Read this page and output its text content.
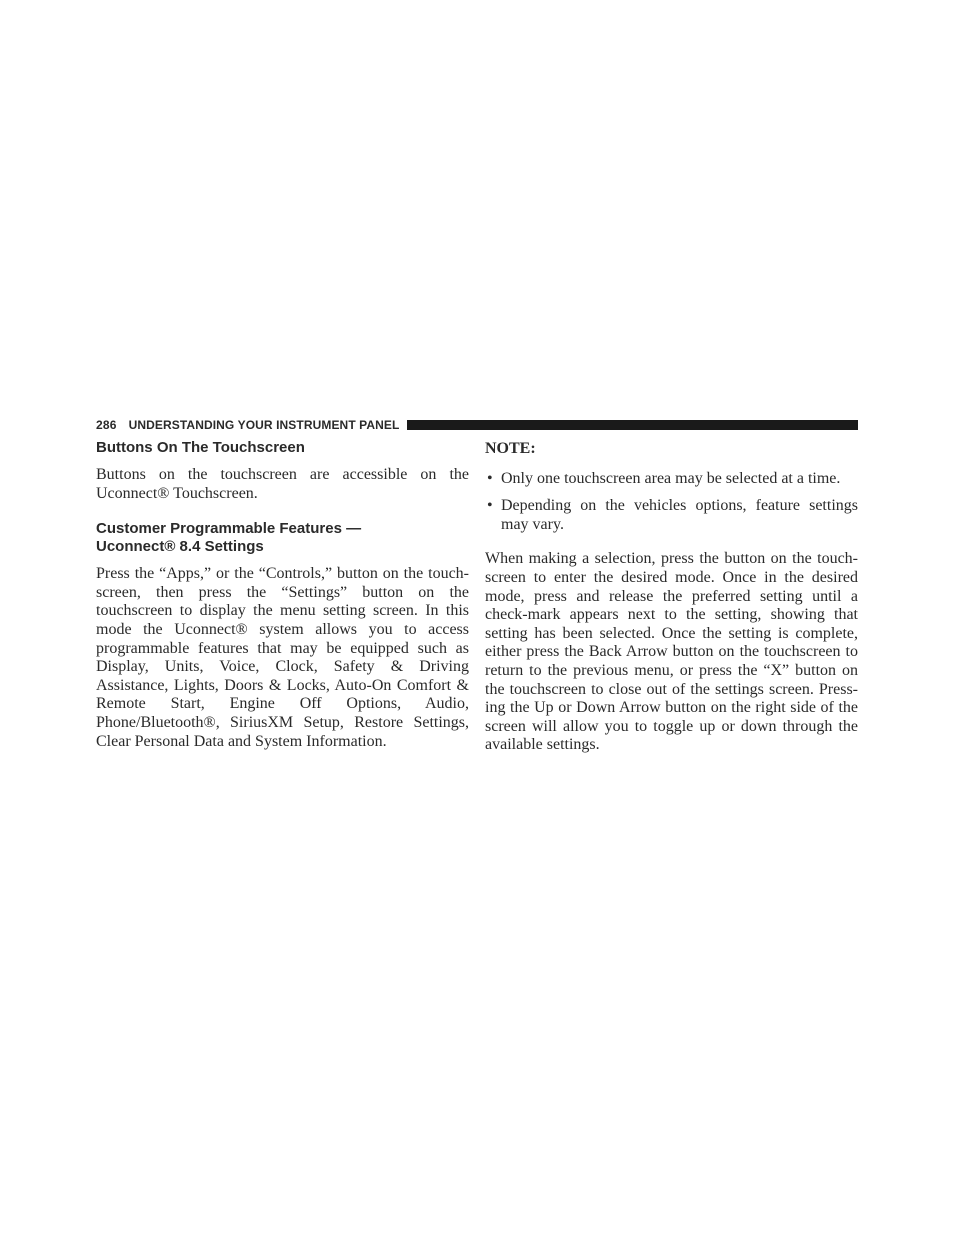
286 UNDERSTANDING YOUR INSTRUMENT PANEL
Buttons On The Touchscreen

Buttons on the touchscreen are accessible on the Uconnect® Touchscreen.

Customer Programmable Features —
Uconnect® 8.4 Settings

Press the “Apps,” or the “Controls,” button on the touchscreen, then press the “Settings” button on the touchscreen to display the menu setting screen. In this mode the Uconnect® system allows you to access programmable features that may be equipped such as Display, Units, Voice, Clock, Safety & Driving Assistance, Lights, Doors & Locks, Auto-On Comfort & Remote Start, Engine Off Options, Audio, Phone/Bluetooth®, SiriusXM Setup, Restore Settings, Clear Personal Data and System Information.

NOTE:
• Only one touchscreen area may be selected at a time.
• Depending on the vehicles options, feature settings may vary.

When making a selection, press the button on the touchscreen to enter the desired mode. Once in the desired mode, press and release the preferred setting until a check-mark appears next to the setting, showing that setting has been selected. Once the setting is complete, either press the Back Arrow button on the touchscreen to return to the previous menu, or press the “X” button on the touchscreen to close out of the settings screen. Pressing the Up or Down Arrow button on the right side of the screen will allow you to toggle up or down through the available settings.
